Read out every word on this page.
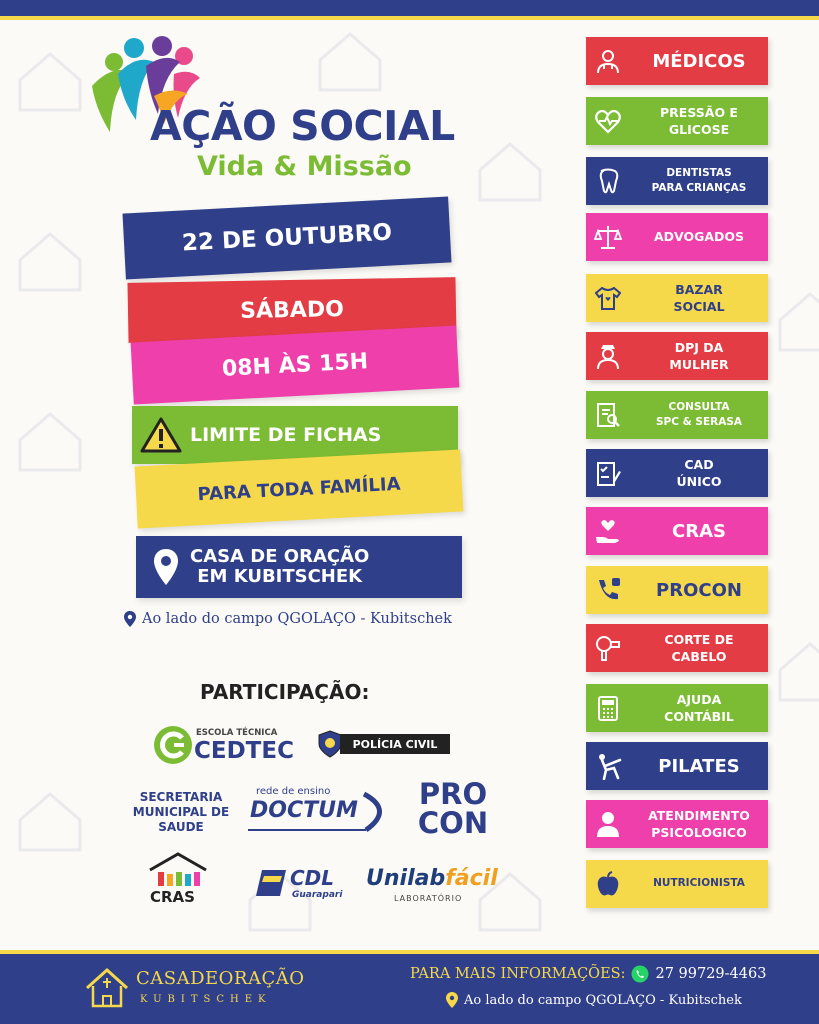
AÇÃO SOCIAL
Vida & Missão
22 DE OUTUBRO
SÁBADO
08H ÀS 15H
LIMITE DE FICHAS
PARA TODA FAMÍLIA
CASA DE ORAÇÃO
EM KUBITSCHEK
Ao lado do campo QGOLAÇO - Kubitschek
PARTICIPAÇÃO:
ESCOLA TÉCNICA
CEDTEC	POLÍCIA CIVIL
SECRETARIA MUNICIPAL DE SAUDE
rede de ensino
DOCTUM PRO
CON
CRAS
CDL
Guarapari
Unilabfácil
LABORATÓRIO
MÉDICOS
PRESSÃO E
GLICOSE
DENTISTAS
PARA CRIANÇAS
ADVOGADOS
BAZAR
SOCIAL
DPJ DA
MULHER
CONSULTA
SPC & SERASA
CAD
ÚNICO
CRAS
PROCON
CORTE DE
CABELO
AJUDA
CONTÁBIL
PILATES
ATENDIMENTO
PSICOLOGICO
NUTRICIONISTA
CASADEORAÇÃO
KUBITSCHEK
PARA MAIS INFORMAÇÕES: 27 99729-4463
Ao lado do campo QGOLAÇO - Kubitschek
